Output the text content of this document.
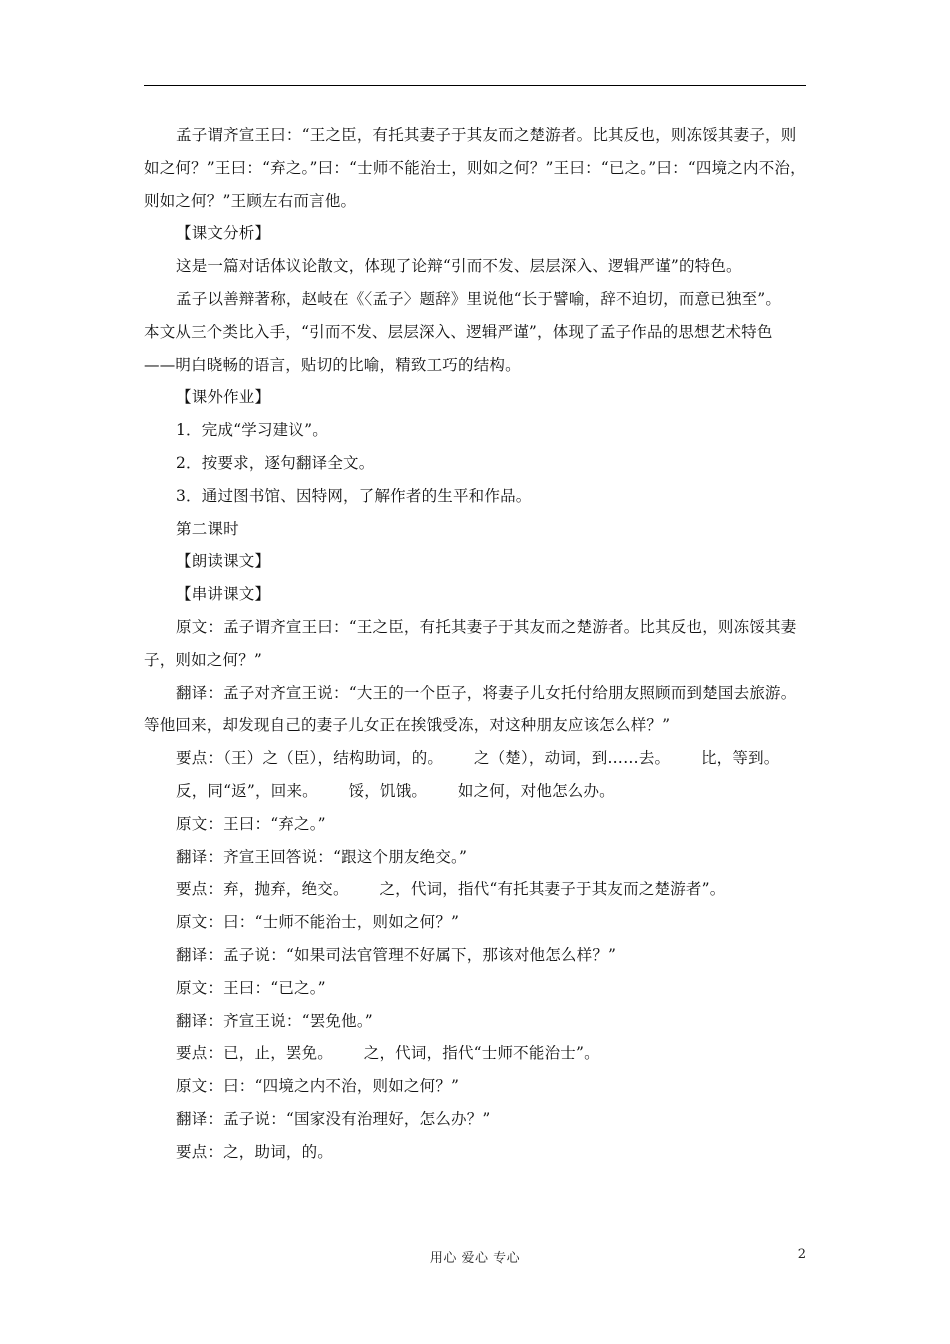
孟子谓齐宣王曰：“王之臣，有托其妻子于其友而之楚游者。比其反也，则冻馁其妻子，则如之何？”王曰：“弃之。”曰：“士师不能治士，则如之何？”王曰：“已之。”曰：“四境之内不治，则如之何？”王顾左右而言他。

【课文分析】

这是一篇对话体议论散文，体现了论辩“引而不发、层层深入、逻辑严谨”的特色。

孟子以善辩著称，赵岐在《〈孟子〉题辞》里说他“长于譬喻，辞不迫切，而意已独至”。

本文从三个类比入手，“引而不发、层层深入、逻辑严谨”，体现了孟子作品的思想艺术特色

——明白晓畅的语言，贴切的比喻，精致工巧的结构。

【课外作业】

1．完成“学习建议”。

2．按要求，逐句翻译全文。

3．通过图书馆、因特网，了解作者的生平和作品。

第二课时

【朗读课文】

【串讲课文】

原文：孟子谓齐宣王曰：“王之臣，有托其妻子于其友而之楚游者。比其反也，则冻馁其妻子，则如之何？”

翻译：孟子对齐宣王说：“大王的一个臣子，将妻子儿女托付给朋友照顾而到楚国去旅游。等他回来，却发现自己的妻子儿女正在挨饿受冻，对这种朋友应该怎么样？”

要点：（王）之（臣），结构助词，的。      之（楚），动词，到……去。      比，等到。

反，同“返”，回来。      馁，饥饿。      如之何，对他怎么办。

原文：王曰：“弃之。”

翻译：齐宣王回答说：“跟这个朋友绝交。”

要点：弃，抛弃，绝交。      之，代词，指代“有托其妻子于其友而之楚游者”。

原文：曰：“士师不能治士，则如之何？”

翻译：孟子说：“如果司法官管理不好属下，那该对他怎么样？”

原文：王曰：“已之。”

翻译：齐宣王说：“罢免他。”

要点：已，止，罢免。      之，代词，指代“士师不能治士”。

原文：曰：“四境之内不治，则如之何？”

翻译：孟子说：“国家没有治理好，怎么办？”

要点：之，助词，的。

用心 爱心 专心	2
